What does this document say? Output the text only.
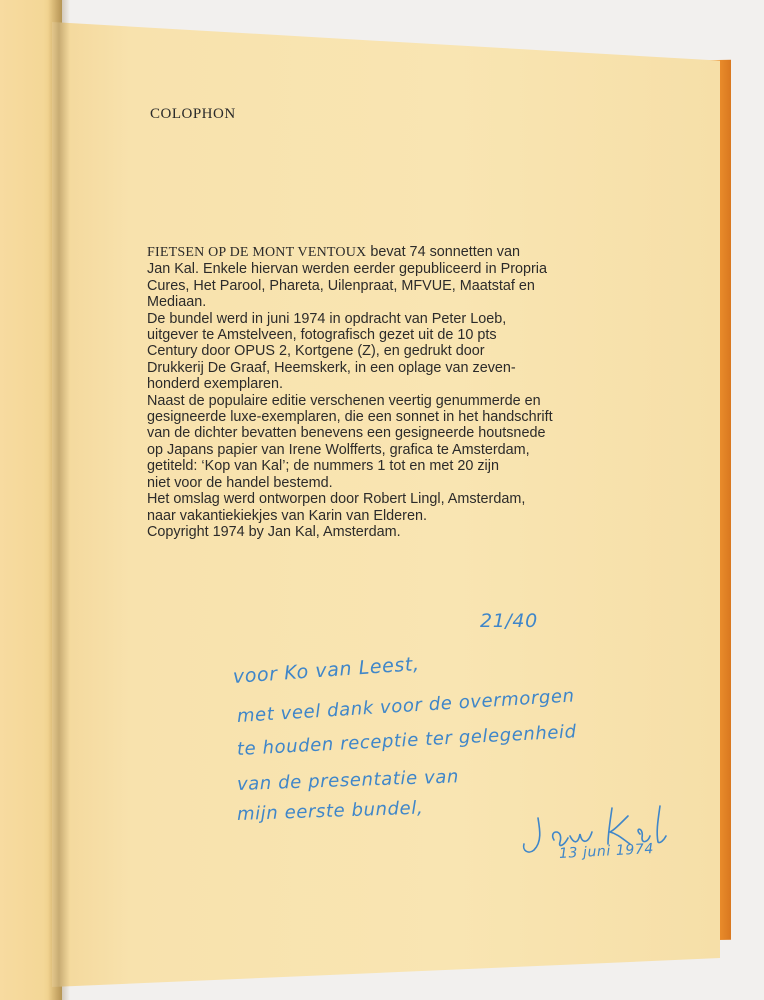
COLOPHON
FIETSEN OP DE MONT VENTOUX bevat 74 sonnetten van
Jan Kal. Enkele hiervan werden eerder gepubliceerd in Propria
Cures, Het Parool, Phareta, Uilenpraat, MFVUE, Maatstaf en
Mediaan.
De bundel werd in juni 1974 in opdracht van Peter Loeb,
uitgever te Amstelveen, fotografisch gezet uit de 10 pts
Century door OPUS 2, Kortgene (Z), en gedrukt door
Drukkerij De Graaf, Heemskerk, in een oplage van zeven-
honderd exemplaren.
Naast de populaire editie verschenen veertig genummerde en
gesigneerde luxe-exemplaren, die een sonnet in het handschrift
van de dichter bevatten benevens een gesigneerde houtsnede
op Japans papier van Irene Wolfferts, grafica te Amsterdam,
getiteld: ‘Kop van Kal’; de nummers 1 tot en met 20 zijn
niet voor de handel bestemd.
Het omslag werd ontworpen door Robert Lingl, Amsterdam,
naar vakantiekiekjes van Karin van Elderen.
Copyright 1974 by Jan Kal, Amsterdam.
21/40
voor Ko van Leest,
met veel dank voor de overmorgen
te houden receptie ter gelegenheid
van de presentatie van
mijn eerste bundel,
13 juni 1974
